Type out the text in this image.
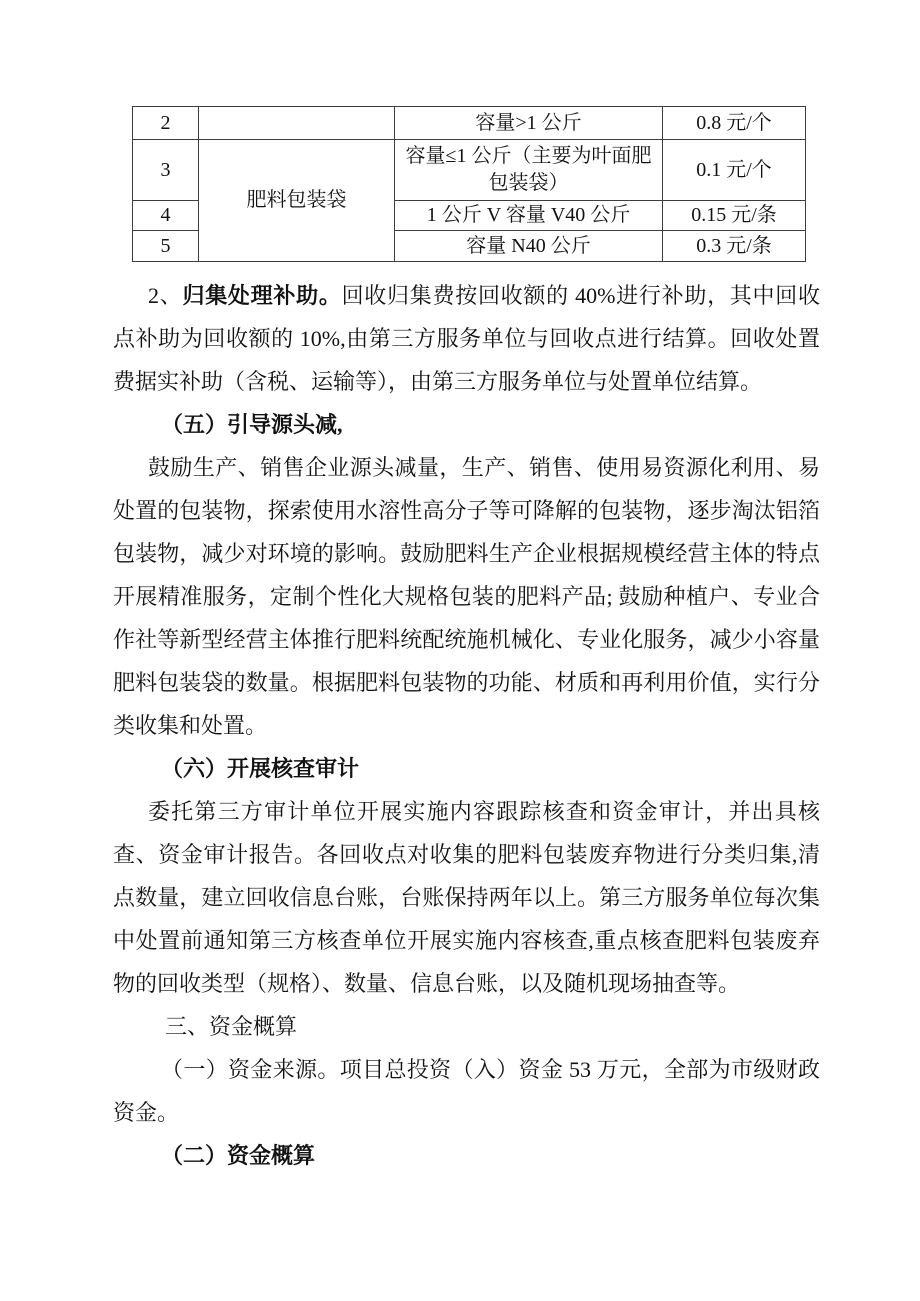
2		容量>1 公斤	0.8 元/个
3	肥料包装袋	容量≤1 公斤（主要为叶面肥包装袋）	0.1 元/个
4		1 公斤 V 容量 V40 公斤	0.15 元/条
5		容量 N40 公斤	0.3 元/条

2、归集处理补助。回收归集费按回收额的 40%进行补助，其中回收点补助为回收额的 10%,由第三方服务单位与回收点进行结算。回收处置费据实补助（含税、运输等），由第三方服务单位与处置单位结算。

（五）引导源头减,

鼓励生产、销售企业源头减量，生产、销售、使用易资源化利用、易处置的包装物，探索使用水溶性高分子等可降解的包装物，逐步淘汰铝箔包装物，减少对环境的影响。鼓励肥料生产企业根据规模经营主体的特点开展精准服务，定制个性化大规格包装的肥料产品; 鼓励种植户、专业合作社等新型经营主体推行肥料统配统施机械化、专业化服务，减少小容量肥料包装袋的数量。根据肥料包装物的功能、材质和再利用价值，实行分类收集和处置。

（六）开展核查审计

委托第三方审计单位开展实施内容跟踪核查和资金审计，并出具核查、资金审计报告。各回收点对收集的肥料包装废弃物进行分类归集,清点数量，建立回收信息台账，台账保持两年以上。第三方服务单位每次集中处置前通知第三方核查单位开展实施内容核查,重点核查肥料包装废弃物的回收类型（规格）、数量、信息台账，以及随机现场抽查等。

三、资金概算

（一）资金来源。项目总投资（入）资金 53 万元，全部为市级财政资金。

（二）资金概算
